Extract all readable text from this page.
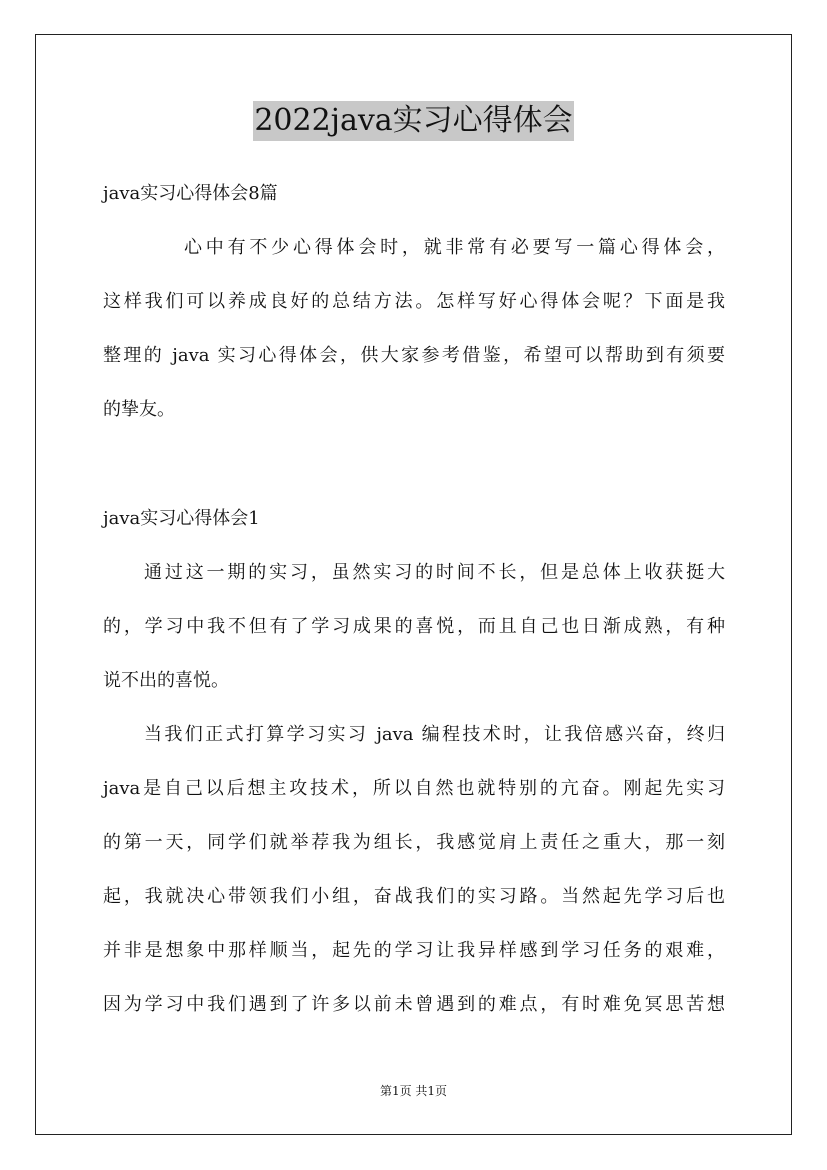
2022java实习心得体会
java实习心得体会8篇
心中有不少心得体会时，就非常有必要写一篇心得体会，
这样我们可以养成良好的总结方法。怎样写好心得体会呢？下面是我
整理的 java 实习心得体会，供大家参考借鉴，希望可以帮助到有须要
的挚友。
java实习心得体会1
通过这一期的实习，虽然实习的时间不长，但是总体上收获挺大
的，学习中我不但有了学习成果的喜悦，而且自己也日渐成熟，有种
说不出的喜悦。
当我们正式打算学习实习 java 编程技术时，让我倍感兴奋，终归
java是自己以后想主攻技术，所以自然也就特别的亢奋。刚起先实习
的第一天，同学们就举荐我为组长，我感觉肩上责任之重大，那一刻
起，我就决心带领我们小组，奋战我们的实习路。当然起先学习后也
并非是想象中那样顺当，起先的学习让我异样感到学习任务的艰难，
因为学习中我们遇到了许多以前未曾遇到的难点，有时难免冥思苦想
第1页 共1页
